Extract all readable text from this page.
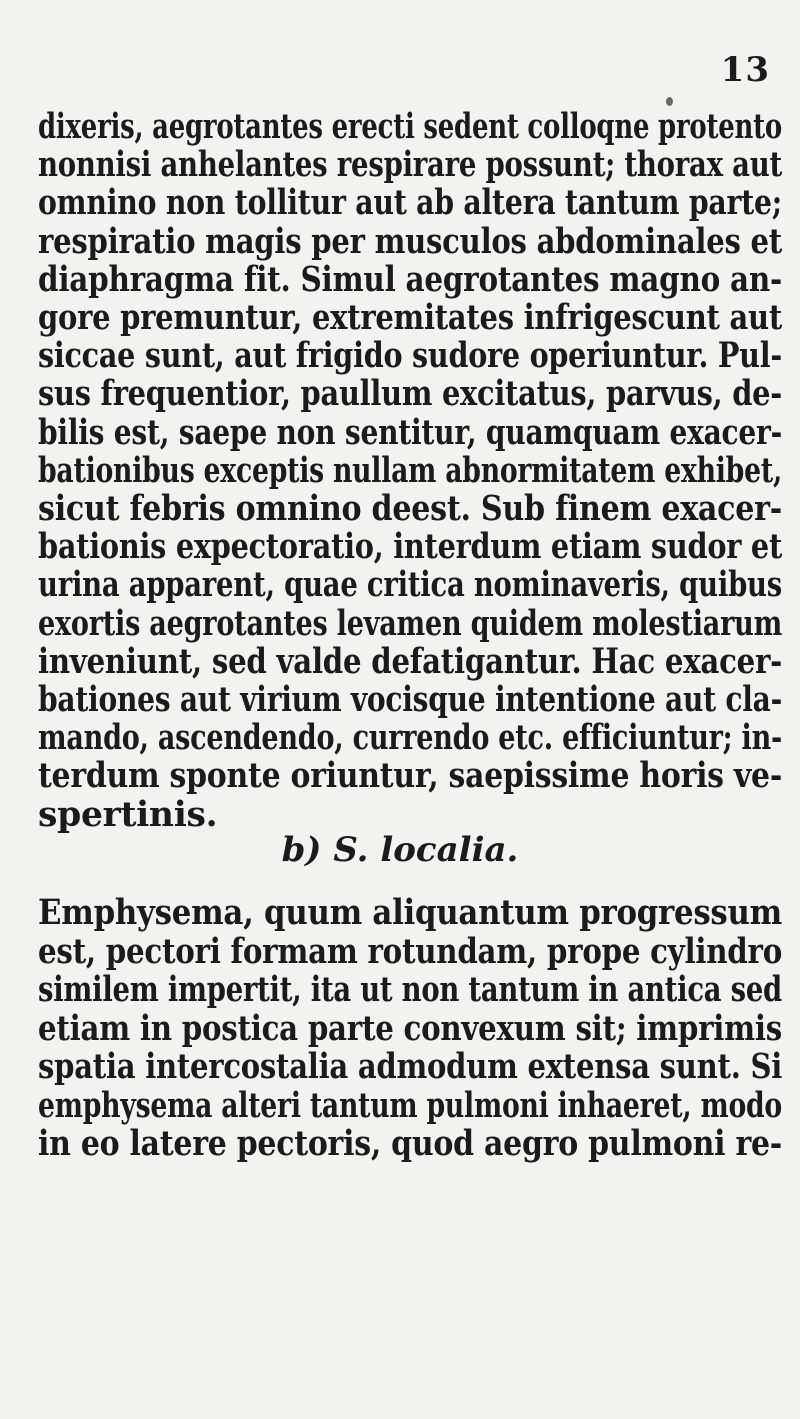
13
dixeris, aegrotantes erecti sedent colloqne protento
nonnisi anhelantes respirare possunt; thorax aut
omnino non tollitur aut ab altera tantum parte;
respiratio magis per musculos abdominales et
diaphragma fit. Simul aegrotantes magno an-
gore premuntur, extremitates infrigescunt aut
siccae sunt, aut frigido sudore operiuntur. Pul-
sus frequentior, paullum excitatus, parvus, de-
bilis est, saepe non sentitur, quamquam exacer-
bationibus exceptis nullam abnormitatem exhibet,
sicut febris omnino deest. Sub finem exacer-
bationis expectoratio, interdum etiam sudor et
urina apparent, quae critica nominaveris, quibus
exortis aegrotantes levamen quidem molestiarum
inveniunt, sed valde defatigantur. Hac exacer-
bationes aut virium vocisque intentione aut cla-
mando, ascendendo, currendo etc. efficiuntur; in-
terdum sponte oriuntur, saepissime horis ve-
spertinis.
b) S. localia.
Emphysema, quum aliquantum progressum
est, pectori formam rotundam, prope cylindro
similem impertit, ita ut non tantum in antica sed
etiam in postica parte convexum sit; imprimis
spatia intercostalia admodum extensa sunt. Si
emphysema alteri tantum pulmoni inhaeret, modo
in eo latere pectoris, quod aegro pulmoni re-
